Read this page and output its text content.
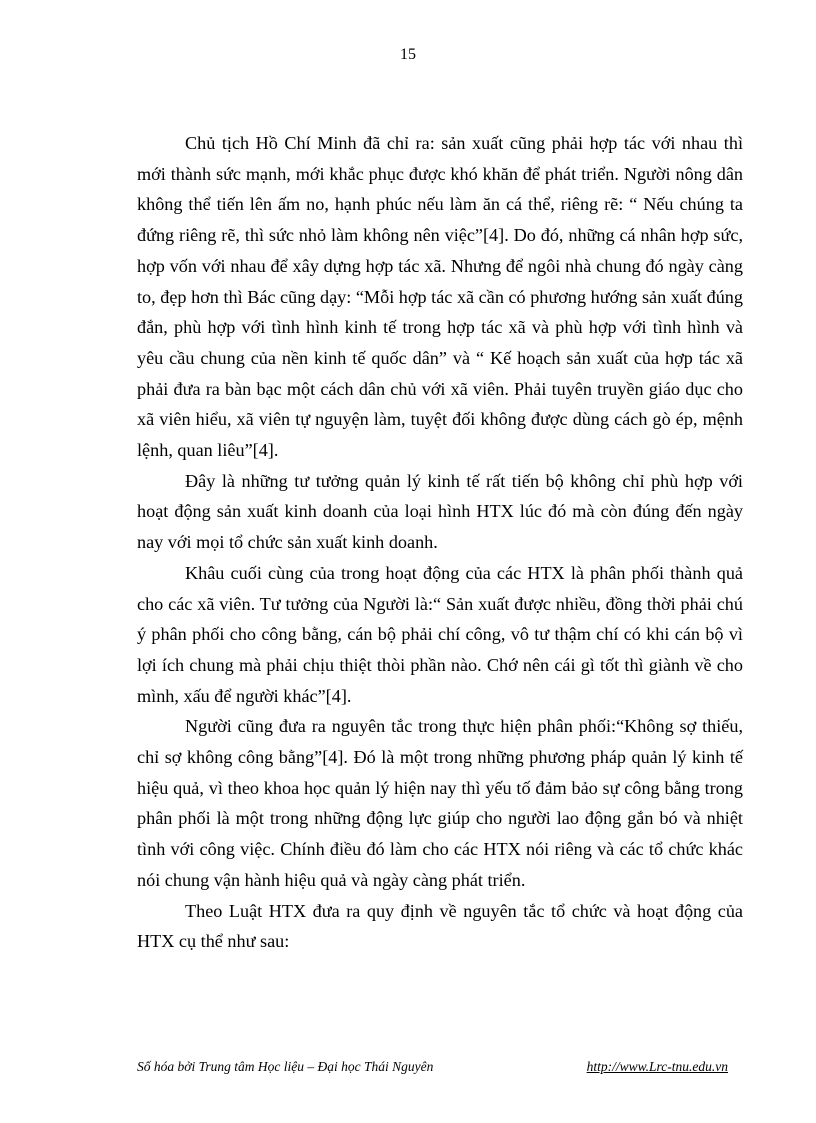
15

Chủ tịch Hồ Chí Minh đã chỉ ra: sản xuất cũng phải hợp tác với nhau thì mới thành sức mạnh, mới khắc phục được khó khăn để phát triển. Người nông dân không thể tiến lên ấm no, hạnh phúc nếu làm ăn cá thể, riêng rẽ: “ Nếu chúng ta đứng riêng rẽ, thì sức nhỏ làm không nên việc”[4]. Do đó, những cá nhân hợp sức, hợp vốn với nhau để xây dựng hợp tác xã. Nhưng để ngôi nhà chung đó ngày càng to, đẹp hơn thì Bác cũng dạy: “Mỗi hợp tác xã cần có phương hướng sản xuất đúng đắn, phù hợp với tình hình kinh tế trong hợp tác xã và phù hợp với tình hình và yêu cầu chung của nền kinh tế quốc dân” và “ Kế hoạch sản xuất của hợp tác xã phải đưa ra bàn bạc một cách dân chủ với xã viên. Phải tuyên truyền giáo dục cho xã viên hiểu, xã viên tự nguyện làm, tuyệt đối không được dùng cách gò ép, mệnh lệnh, quan liêu”[4].

Đây là những tư tưởng quản lý kinh tế rất tiến bộ không chỉ phù hợp với hoạt động sản xuất kinh doanh của loại hình HTX lúc đó mà còn đúng đến ngày nay với mọi tổ chức sản xuất kinh doanh.

Khâu cuối cùng của trong hoạt động của các HTX là phân phối thành quả cho các xã viên. Tư tưởng của Người là:“ Sản xuất được nhiều, đồng thời phải chú ý phân phối cho công bằng, cán bộ phải chí công, vô tư thậm chí có khi cán bộ vì lợi ích chung mà phải chịu thiệt thòi phần nào. Chớ nên cái gì tốt thì giành về cho mình, xấu để người khác”[4].

Người cũng đưa ra nguyên tắc trong thực hiện phân phối:“Không sợ thiếu, chỉ sợ không công bằng”[4]. Đó là một trong những phương pháp quản lý kinh tế hiệu quả, vì theo khoa học quản lý hiện nay thì yếu tố đảm bảo sự công bằng trong phân phối là một trong những động lực giúp cho người lao động gắn bó và nhiệt tình với công việc. Chính điều đó làm cho các HTX nói riêng và các tổ chức khác nói chung vận hành hiệu quả và ngày càng phát triển.

Theo Luật HTX đưa ra quy định về nguyên tắc tổ chức và hoạt động của HTX cụ thể như sau:

Số hóa bởi Trung tâm Học liệu – Đại học Thái Nguyên	http://www.Lrc-tnu.edu.vn
